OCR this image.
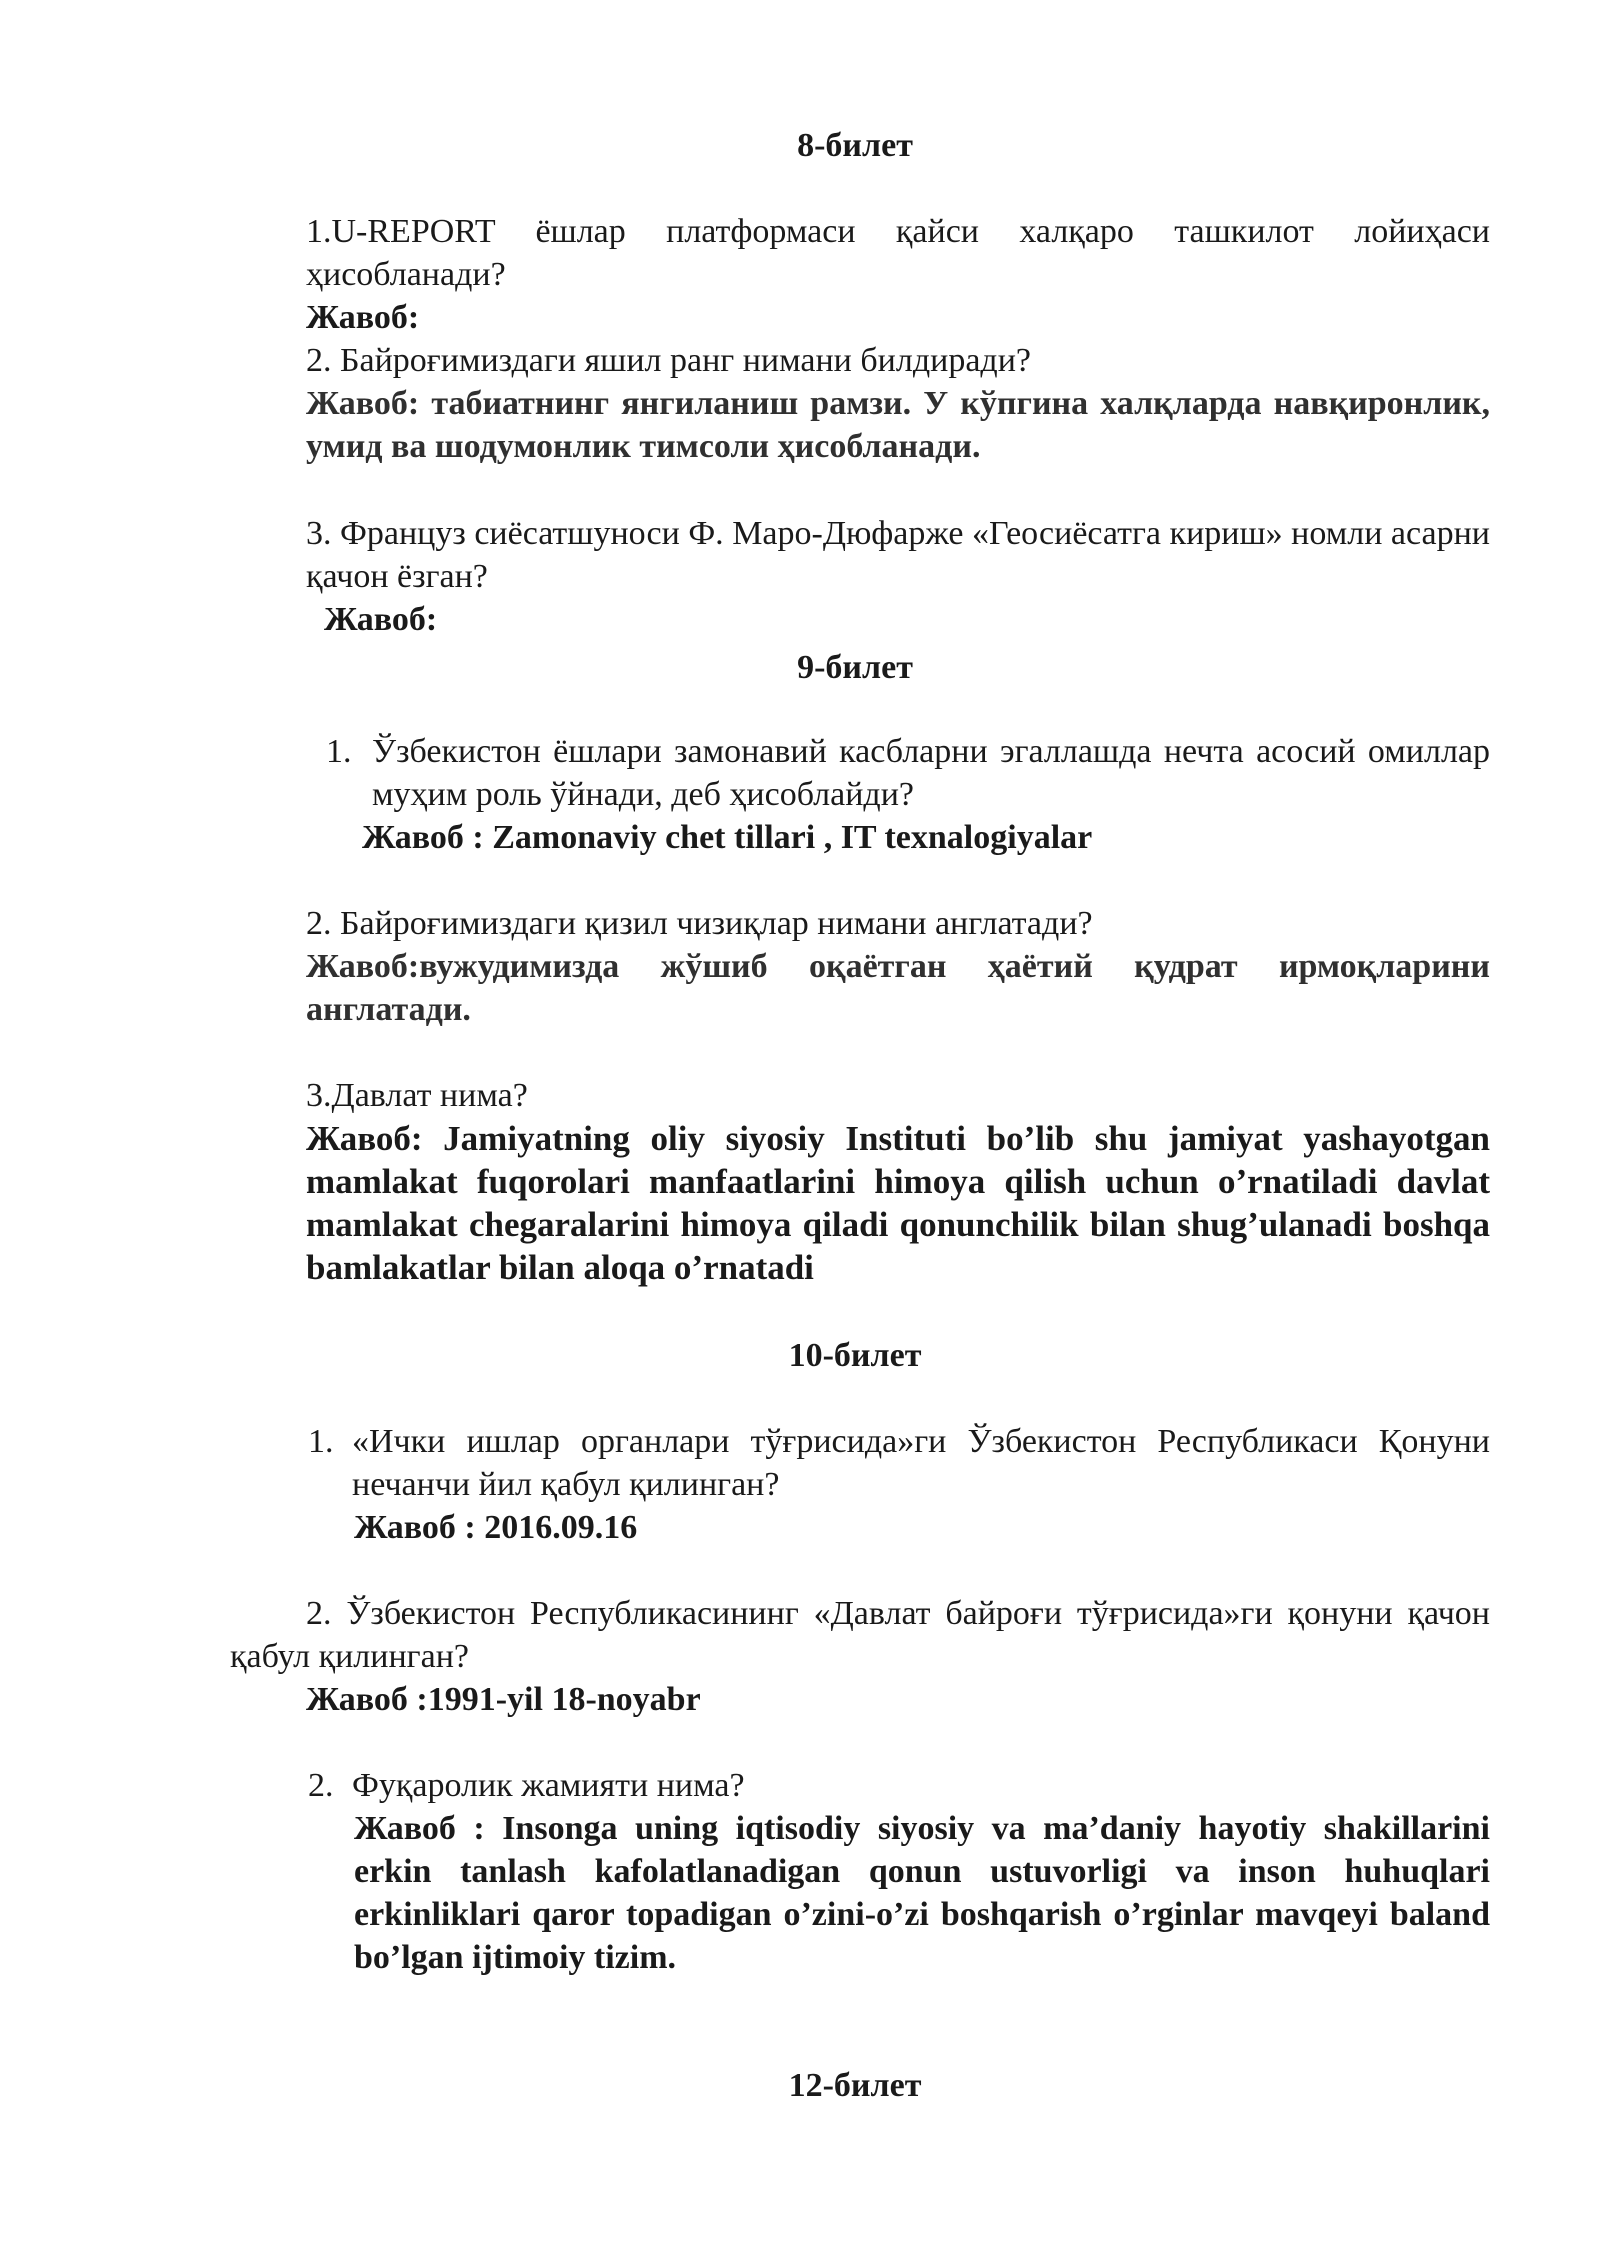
8-билет
1.U-REPORT ёшлар платформаси қайси халқаро ташкилот лойиҳаси ҳисобланади?
Жавоб:
2. Байроғимиздаги яшил ранг нимани билдиради?
Жавоб: табиатнинг янгиланиш рамзи. У кўпгина халқларда навқиронлик, умид ва шодумонлик тимсоли ҳисобланади.
3. Француз сиёсатшуноси Ф. Маро-Дюфарже «Геосиёсатга кириш» номли асарни қачон ёзган?
Жавоб:
9-билет
1. Ўзбекистон ёшлари замонавий касбларни эгаллашда нечта асосий омиллар муҳим роль ўйнади, деб ҳисоблайди?
Жавоб : Zamonaviy chet tillari , IT texnalogiyalar
2. Байроғимиздаги қизил чизиқлар нимани англатади?
Жавоб:вужудимизда жўшиб оқаётган ҳаётий қудрат ирмоқларини англатади.
3.Давлат нима?
Жавоб: Jamiyatning oliy siyosiy Instituti bo’lib shu jamiyat yashayotgan mamlakat fuqorolari manfaatlarini himoya qilish uchun o’rnatiladi davlat mamlakat chegaralarini himoya qiladi qonunchilik bilan shug’ulanadi boshqa bamlakatlar bilan aloqa o’rnatadi
10-билет
1. «Ички ишлар органлари тўғрисида»ги Ўзбекистон Республикаси Қонуни нечанчи йил қабул қилинган?
Жавоб : 2016.09.16
2. Ўзбекистон Республикасининг «Давлат байроғи тўғрисида»ги қонуни қачон қабул қилинган?
Жавоб :1991-yil 18-noyabr
2. Фуқаролик жамияти нима?
Жавоб : Insonga uning iqtisodiy siyosiy va ma’daniy hayotiy shakillarini erkin tanlash kafolatlanadigan qonun ustuvorligi va inson huhuqlari erkinliklari qaror topadigan o’zini-o’zi boshqarish o’rginlar mavqeyi baland bo’lgan ijtimoiy tizim.
12-билет
